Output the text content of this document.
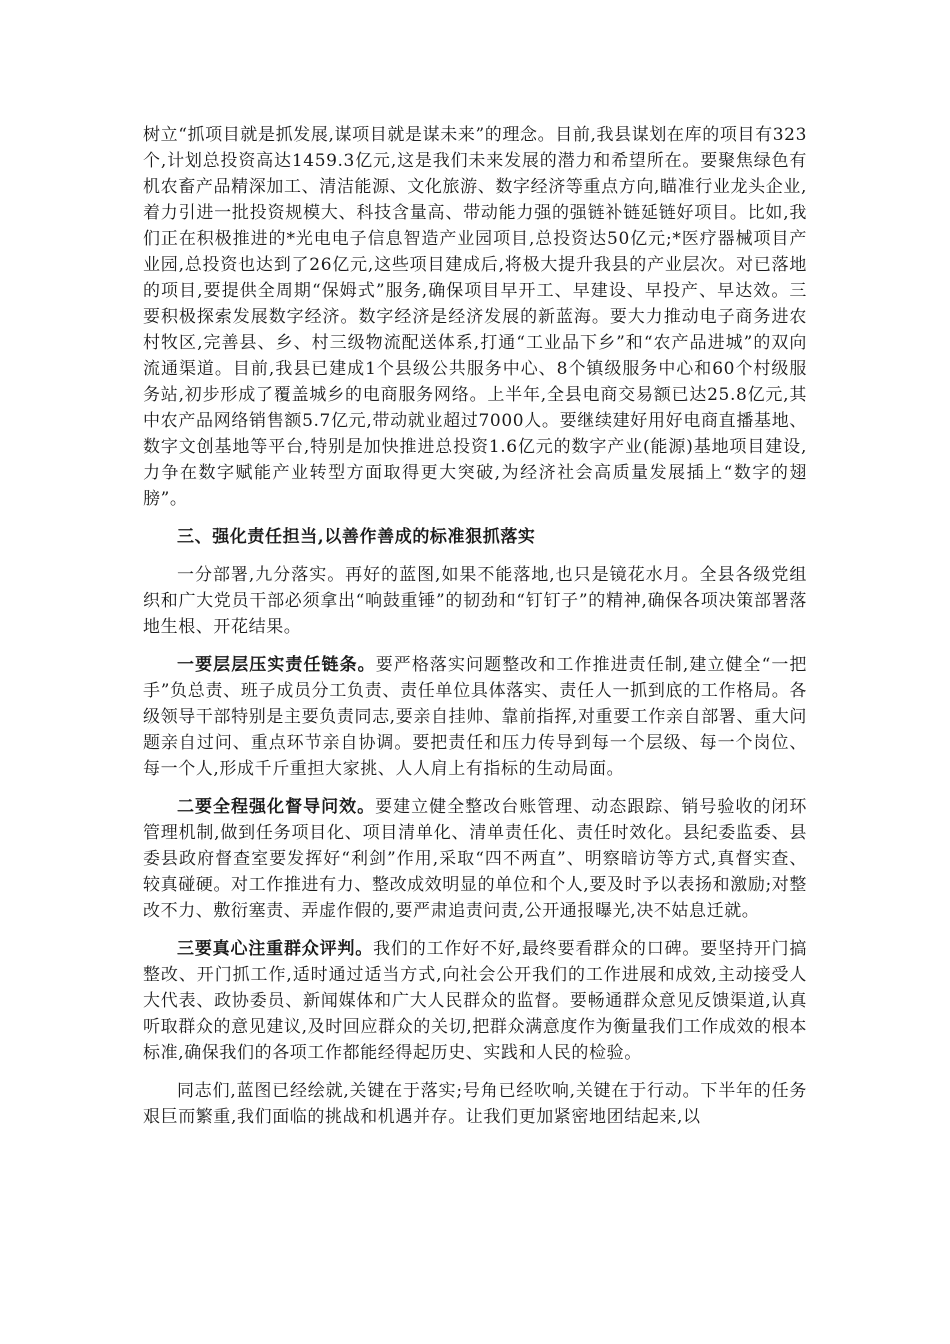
树立“抓项目就是抓发展,谋项目就是谋未来”的理念。目前,我县谋划在库的项目有323个,计划总投资高达1459.3亿元,这是我们未来发展的潜力和希望所在。要聚焦绿色有机农畜产品精深加工、清洁能源、文化旅游、数字经济等重点方向,瞄准行业龙头企业,着力引进一批投资规模大、科技含量高、带动能力强的强链补链延链好项目。比如,我们正在积极推进的*光电电子信息智造产业园项目,总投资达50亿元;*医疗器械项目产业园,总投资也达到了26亿元,这些项目建成后,将极大提升我县的产业层次。对已落地的项目,要提供全周期“保姆式”服务,确保项目早开工、早建设、早投产、早达效。三要积极探索发展数字经济。数字经济是经济发展的新蓝海。要大力推动电子商务进农村牧区,完善县、乡、村三级物流配送体系,打通“工业品下乡”和“农产品进城”的双向流通渠道。目前,我县已建成1个县级公共服务中心、8个镇级服务中心和60个村级服务站,初步形成了覆盖城乡的电商服务网络。上半年,全县电商交易额已达25.8亿元,其中农产品网络销售额5.7亿元,带动就业超过7000人。要继续建好用好电商直播基地、数字文创基地等平台,特别是加快推进总投资1.6亿元的数字产业(能源)基地项目建设,力争在数字赋能产业转型方面取得更大突破,为经济社会高质量发展插上“数字的翅膀”。

三、强化责任担当,以善作善成的标准狠抓落实

一分部署,九分落实。再好的蓝图,如果不能落地,也只是镜花水月。全县各级党组织和广大党员干部必须拿出“响鼓重锤”的韧劲和“钉钉子”的精神,确保各项决策部署落地生根、开花结果。

一要层层压实责任链条。要严格落实问题整改和工作推进责任制,建立健全“一把手”负总责、班子成员分工负责、责任单位具体落实、责任人一抓到底的工作格局。各级领导干部特别是主要负责同志,要亲自挂帅、靠前指挥,对重要工作亲自部署、重大问题亲自过问、重点环节亲自协调。要把责任和压力传导到每一个层级、每一个岗位、每一个人,形成千斤重担大家挑、人人肩上有指标的生动局面。

二要全程强化督导问效。要建立健全整改台账管理、动态跟踪、销号验收的闭环管理机制,做到任务项目化、项目清单化、清单责任化、责任时效化。县纪委监委、县委县政府督查室要发挥好“利剑”作用,采取“四不两直”、明察暗访等方式,真督实查、较真碰硬。对工作推进有力、整改成效明显的单位和个人,要及时予以表扬和激励;对整改不力、敷衍塞责、弄虚作假的,要严肃追责问责,公开通报曝光,决不姑息迁就。

三要真心注重群众评判。我们的工作好不好,最终要看群众的口碑。要坚持开门搞整改、开门抓工作,适时通过适当方式,向社会公开我们的工作进展和成效,主动接受人大代表、政协委员、新闻媒体和广大人民群众的监督。要畅通群众意见反馈渠道,认真听取群众的意见建议,及时回应群众的关切,把群众满意度作为衡量我们工作成效的根本标准,确保我们的各项工作都能经得起历史、实践和人民的检验。

同志们,蓝图已经绘就,关键在于落实;号角已经吹响,关键在于行动。下半年的任务艰巨而繁重,我们面临的挑战和机遇并存。让我们更加紧密地团结起来,以
